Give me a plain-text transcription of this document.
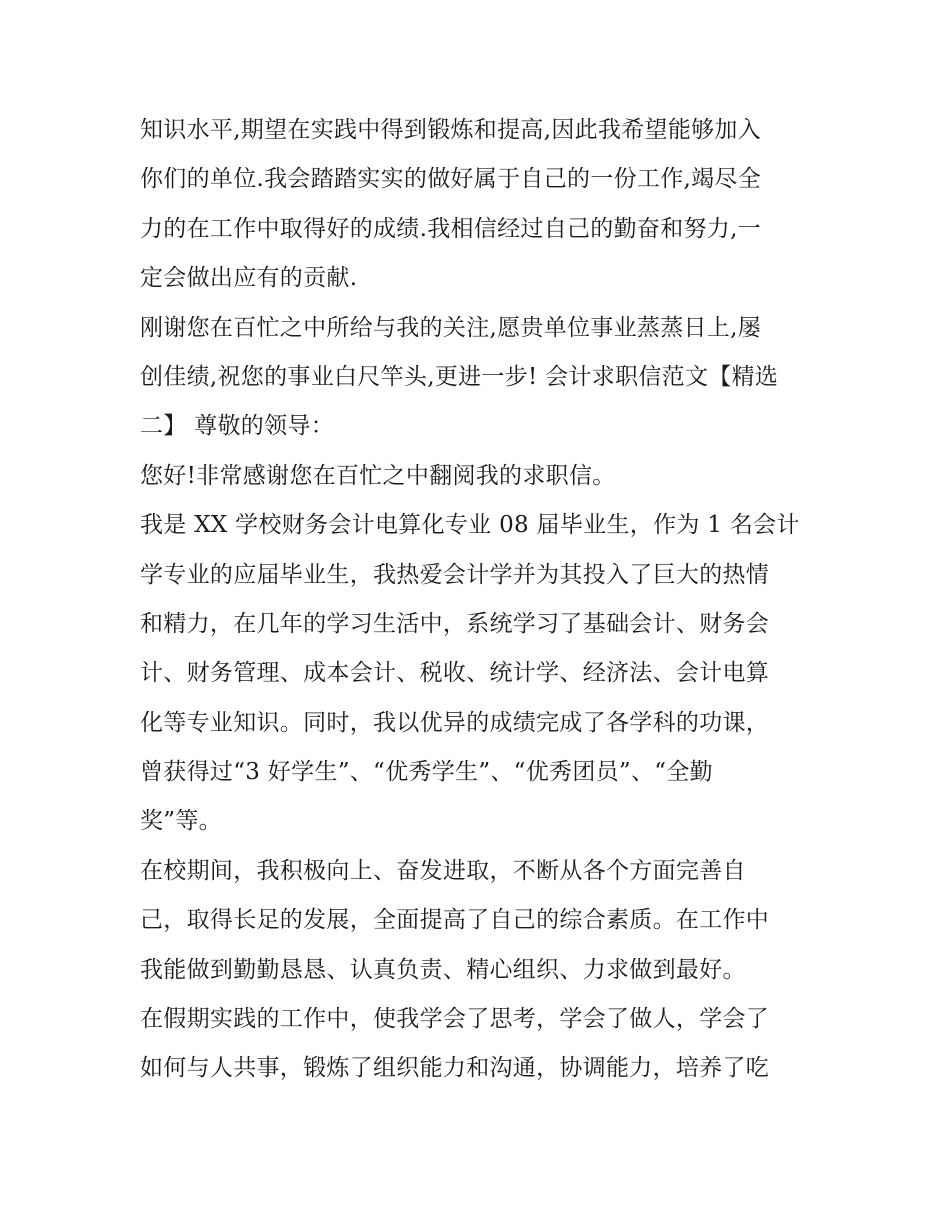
知识水平,期望在实践中得到锻炼和提高,因此我希望能够加入
你们的单位.我会踏踏实实的做好属于自己的一份工作,竭尽全
力的在工作中取得好的成绩.我相信经过自己的勤奋和努力,一
定会做出应有的贡献.
刚谢您在百忙之中所给与我的关注,愿贵单位事业蒸蒸日上,屡
创佳绩,祝您的事业白尺竿头,更进一步! 会计求职信范文【精选
二】 尊敬的领导：
您好!非常感谢您在百忙之中翻阅我的求职信。
我是 XX 学校财务会计电算化专业 08 届毕业生，作为 1 名会计
学专业的应届毕业生，我热爱会计学并为其投入了巨大的热情
和精力，在几年的学习生活中，系统学习了基础会计、财务会
计、财务管理、成本会计、税收、统计学、经济法、会计电算
化等专业知识。同时，我以优异的成绩完成了各学科的功课，
曾获得过“3 好学生”、“优秀学生”、“优秀团员”、“全勤
奖”等。
在校期间，我积极向上、奋发进取，不断从各个方面完善自
己，取得长足的发展，全面提高了自己的综合素质。在工作中
我能做到勤勤恳恳、认真负责、精心组织、力求做到最好。
在假期实践的工作中，使我学会了思考，学会了做人，学会了
如何与人共事，锻炼了组织能力和沟通，协调能力，培养了吃
